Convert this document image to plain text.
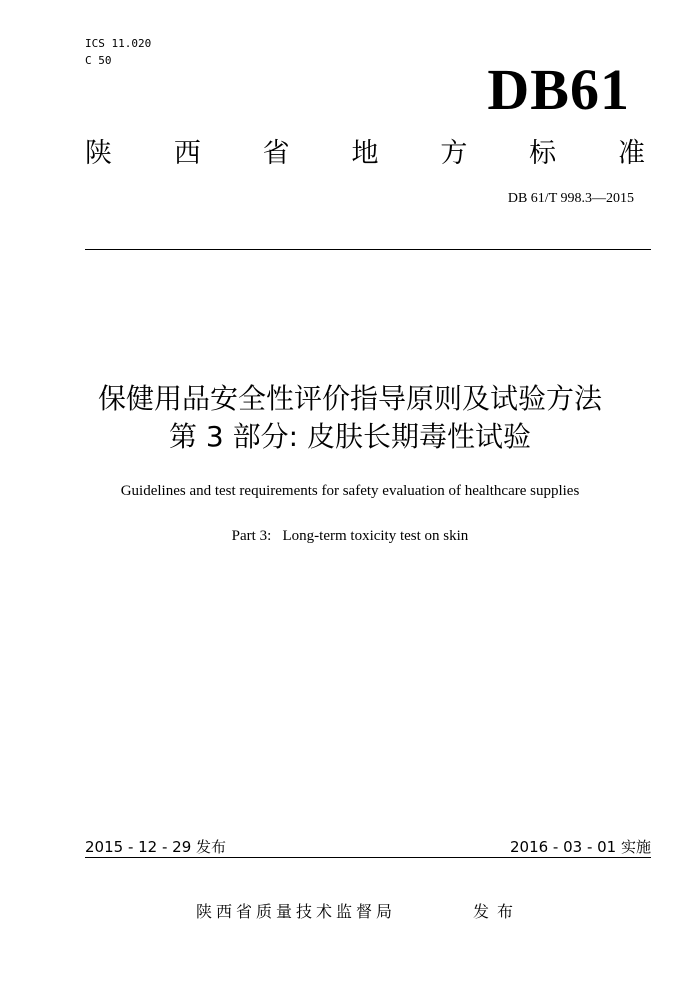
ICS 11.020
C 50	DB61
陕 西 省 地 方 标 准
DB 61/T 998.3—2015
保健用品安全性评价指导原则及试验方法
第 3 部分: 皮肤长期毒性试验
Guidelines and test requirements for safety evaluation of healthcare supplies
Part 3:   Long-term toxicity test on skin
2015 - 12 - 29 发布	2016 - 03 - 01 实施
陕西省质量技术监督局	发布
